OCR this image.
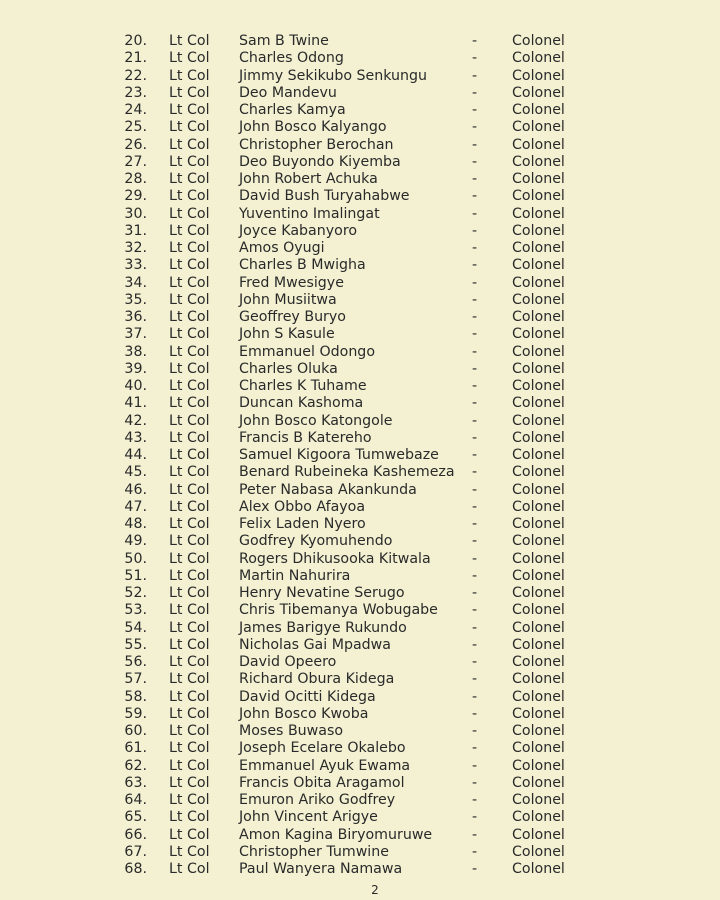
20. Lt Col Sam B Twine	- Colonel
21. Lt Col Charles Odong	- Colonel
22. Lt Col Jimmy Sekikubo Senkungu	- Colonel
23. Lt Col Deo Mandevu	- Colonel
24. Lt Col Charles Kamya	- Colonel
25. Lt Col John Bosco Kalyango	- Colonel
26. Lt Col Christopher Berochan	- Colonel
27. Lt Col Deo Buyondo Kiyemba	- Colonel
28. Lt Col John Robert Achuka	- Colonel
29. Lt Col David Bush Turyahabwe	- Colonel
30. Lt Col Yuventino Imalingat	- Colonel
31. Lt Col Joyce Kabanyoro	- Colonel
32. Lt Col Amos Oyugi	- Colonel
33. Lt Col Charles B Mwigha	- Colonel
34. Lt Col Fred Mwesigye	- Colonel
35. Lt Col John Musiitwa	- Colonel
36. Lt Col Geoffrey Buryo	- Colonel
37. Lt Col John S Kasule	- Colonel
38. Lt Col Emmanuel Odongo	- Colonel
39. Lt Col Charles Oluka	- Colonel
40. Lt Col Charles K Tuhame	- Colonel
41. Lt Col Duncan Kashoma	- Colonel
42. Lt Col John Bosco Katongole	- Colonel
43. Lt Col Francis B Katereho	- Colonel
44. Lt Col Samuel Kigoora Tumwebaze - Colonel
45. Lt Col Benard Rubeineka Kashemeza - Colonel
46. Lt Col Peter Nabasa Akankunda	- Colonel
47. Lt Col Alex Obbo Afayoa	- Colonel
48. Lt Col Felix Laden Nyero	- Colonel
49. Lt Col Godfrey Kyomuhendo	- Colonel
50. Lt Col Rogers Dhikusooka Kitwala	- Colonel
51. Lt Col Martin Nahurira	- Colonel
52. Lt Col Henry Nevatine Serugo	- Colonel
53. Lt Col Chris Tibemanya Wobugabe - Colonel
54. Lt Col James Barigye Rukundo	- Colonel
55. Lt Col Nicholas Gai Mpadwa	- Colonel
56. Lt Col David Opeero	- Colonel
57. Lt Col Richard Obura Kidega	- Colonel
58. Lt Col David Ocitti Kidega	- Colonel
59. Lt Col John Bosco Kwoba	- Colonel
60. Lt Col Moses Buwaso	- Colonel
61. Lt Col Joseph Ecelare Okalebo	- Colonel
62. Lt Col Emmanuel Ayuk Ewama	- Colonel
63. Lt Col Francis Obita Aragamol	- Colonel
64. Lt Col Emuron Ariko Godfrey	- Colonel
65. Lt Col John Vincent Arigye	- Colonel
66. Lt Col Amon Kagina Biryomuruwe	- Colonel
67. Lt Col Christopher Tumwine	- Colonel
68. Lt Col Paul Wanyera Namawa	- Colonel
2
